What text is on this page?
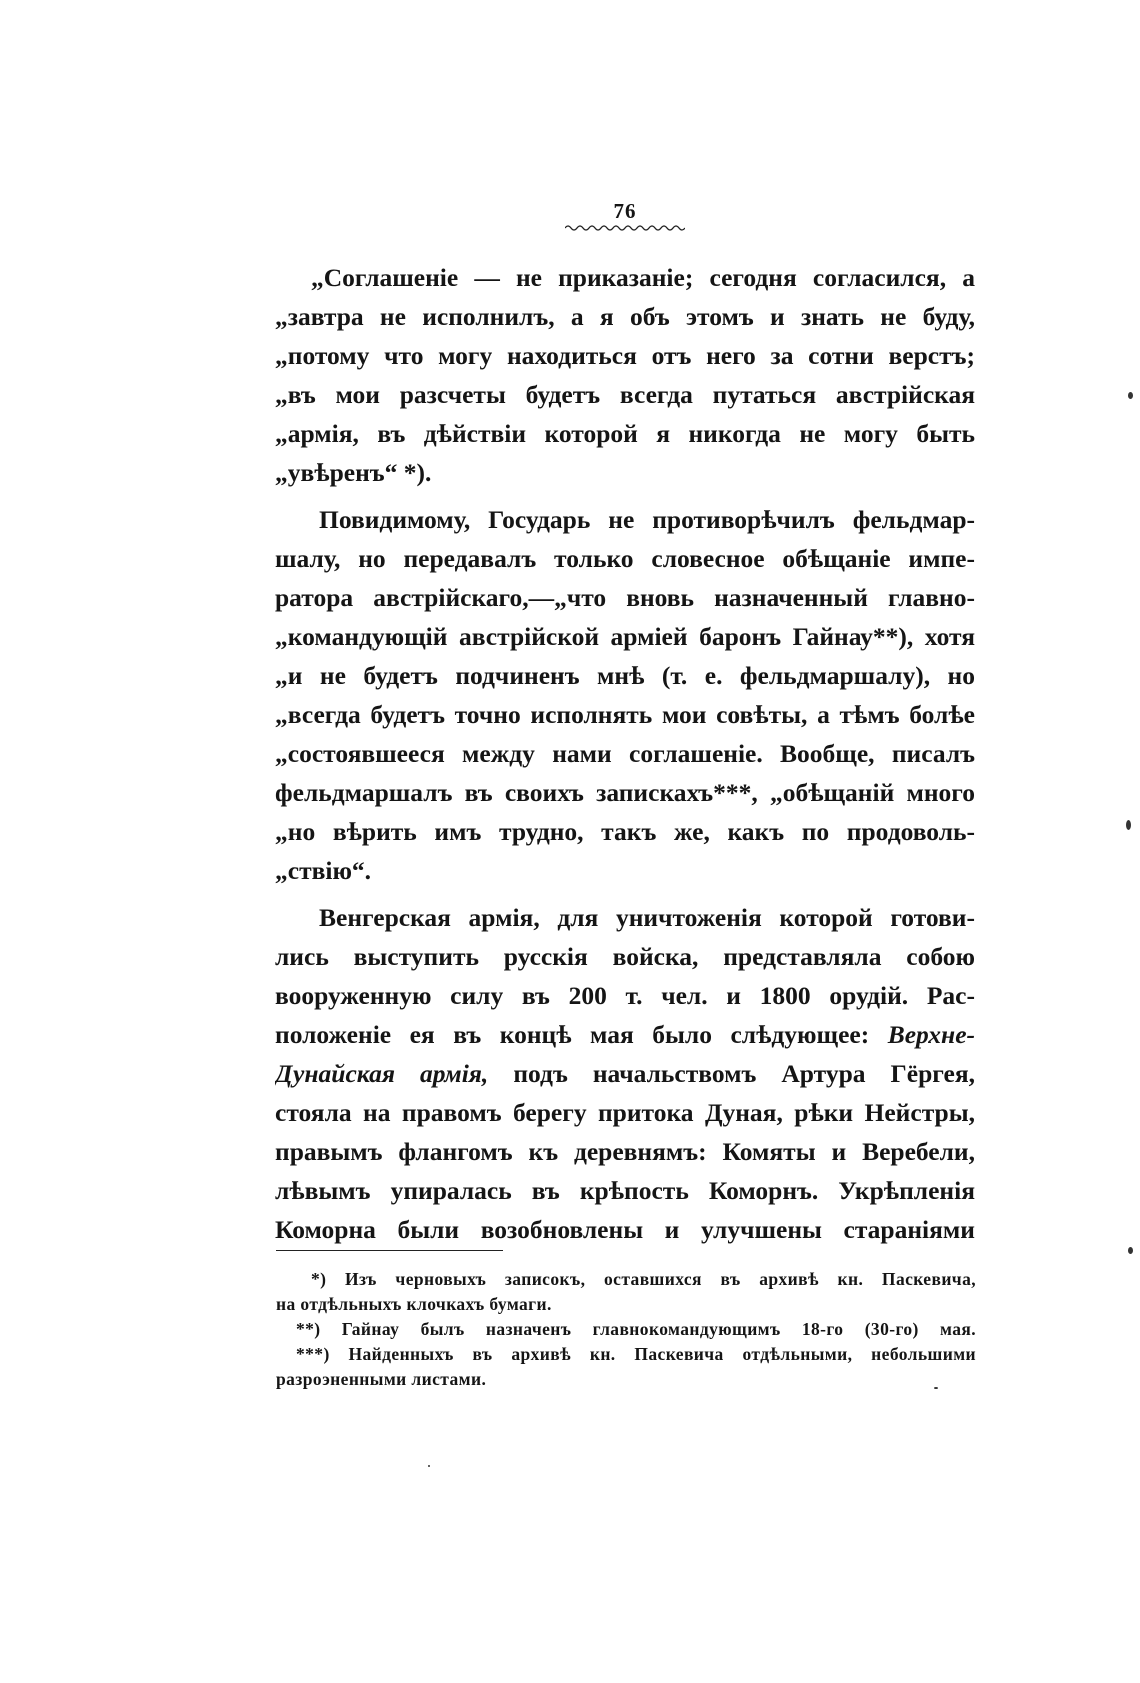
76

„Соглашенiе — не приказанiе; сегодня согласился, а
„завтра не исполнилъ, а я объ этомъ и знать не буду,
„потому что могу находиться отъ него за сотни верстъ;
„въ мои разсчеты будетъ всегда путаться австрiйская
„армiя, въ дѣйствiи которой я никогда не могу быть
„увѣренъ“ *).

Повидимому, Государь не противорѣчилъ фельдмар-
шалу, но передавалъ только словесное обѣщанiе импе-
ратора австрiйскаго,—„что вновь назначенный главно-
„командующiй австрiйской армiей баронъ Гайнау**), хотя
„и не будетъ подчиненъ мнѣ (т. е. фельдмаршалу), но
„всегда будетъ точно исполнять мои совѣты, а тѣмъ болѣе
„состоявшееся между нами соглашенiе. Вообще, писалъ
фельдмаршалъ въ своихъ запискахъ***, „обѣщанiй много
„но вѣрить имъ трудно, такъ же, какъ по продоволь-
„ствiю“.

Венгерская армiя, для уничтоженiя которой готови-
лись выступить русскiя войска, представляла собою
вооруженную силу въ 200 т. чел. и 1800 орудiй. Рас-
положенiе ея въ концѣ мая было слѣдующее: Верхне-
Дунайская армiя, подъ начальствомъ Артура Гёргея,
стояла на правомъ берегу притока Дуная, рѣки Нейстры,
правымъ флангомъ къ деревнямъ: Комяты и Веребели,
лѣвымъ упиралась въ крѣпость Коморнъ. Укрѣпленiя
Коморна были возобновлены и улучшены старанiями

*) Изъ черновыхъ записокъ, оставшихся въ архивѣ кн. Паскевича,
на отдѣльныхъ клочкахъ бумаги.
**) Гайнау былъ назначенъ главнокомандующимъ 18-го (30-го) мая.
***) Найденныхъ въ архивѣ кн. Паскевича отдѣльными, небольшими
разроэненными листами.
